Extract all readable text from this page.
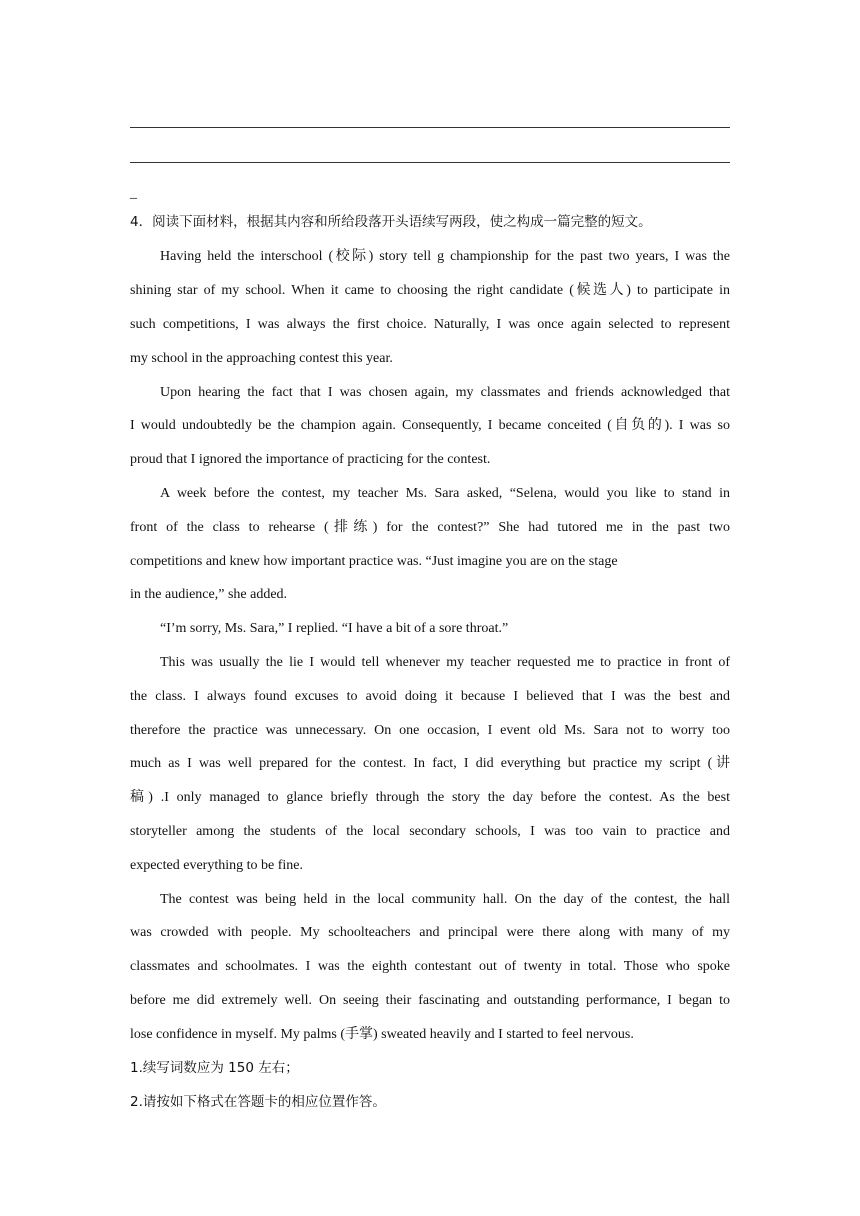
_
4．阅读下面材料，根据其内容和所给段落开头语续写两段，使之构成一篇完整的短文。
Having held the interschool (校际) story tell g championship for the past two years, I was the
shining star of my school. When it came to choosing the right candidate (候选人) to participate in
such competitions, I was always the first choice. Naturally, I was once again selected to represent
my school in the approaching contest this year.
Upon hearing the fact that I was chosen again, my classmates and friends acknowledged that
I would undoubtedly be the champion again. Consequently, I became conceited (自负的). I was so
proud that I ignored the importance of practicing for the contest.
A week before the contest, my teacher Ms. Sara asked, “Selena, would you like to stand in
front of the class to rehearse (排练) for the contest?” She had tutored me in the past two
competitions and knew how important practice was. “Just imagine you are on the stage
in the audience,” she added.
“I’m sorry, Ms. Sara,” I replied. “I have a bit of a sore throat.”
This was usually the lie I would tell whenever my teacher requested me to practice in front of
the class. I always found excuses to avoid doing it because I believed that I was the best and
therefore the practice was unnecessary. On one occasion, I event old Ms. Sara not to worry too
much as I was well prepared for the contest. In fact, I did everything but practice my script (讲
稿) .I only managed to glance briefly through the story the day before the contest. As the best
storyteller among the students of the local secondary schools, I was too vain to practice and
expected everything to be fine.
The contest was being held in the local community hall. On the day of the contest, the hall
was crowded with people. My schoolteachers and principal were there along with many of my
classmates and schoolmates. I was the eighth contestant out of twenty in total. Those who spoke
before me did extremely well. On seeing their fascinating and outstanding performance, I began to
lose confidence in myself. My palms (手掌) sweated heavily and I started to feel nervous.
1.续写词数应为 150 左右；
2.请按如下格式在答题卡的相应位置作答。
